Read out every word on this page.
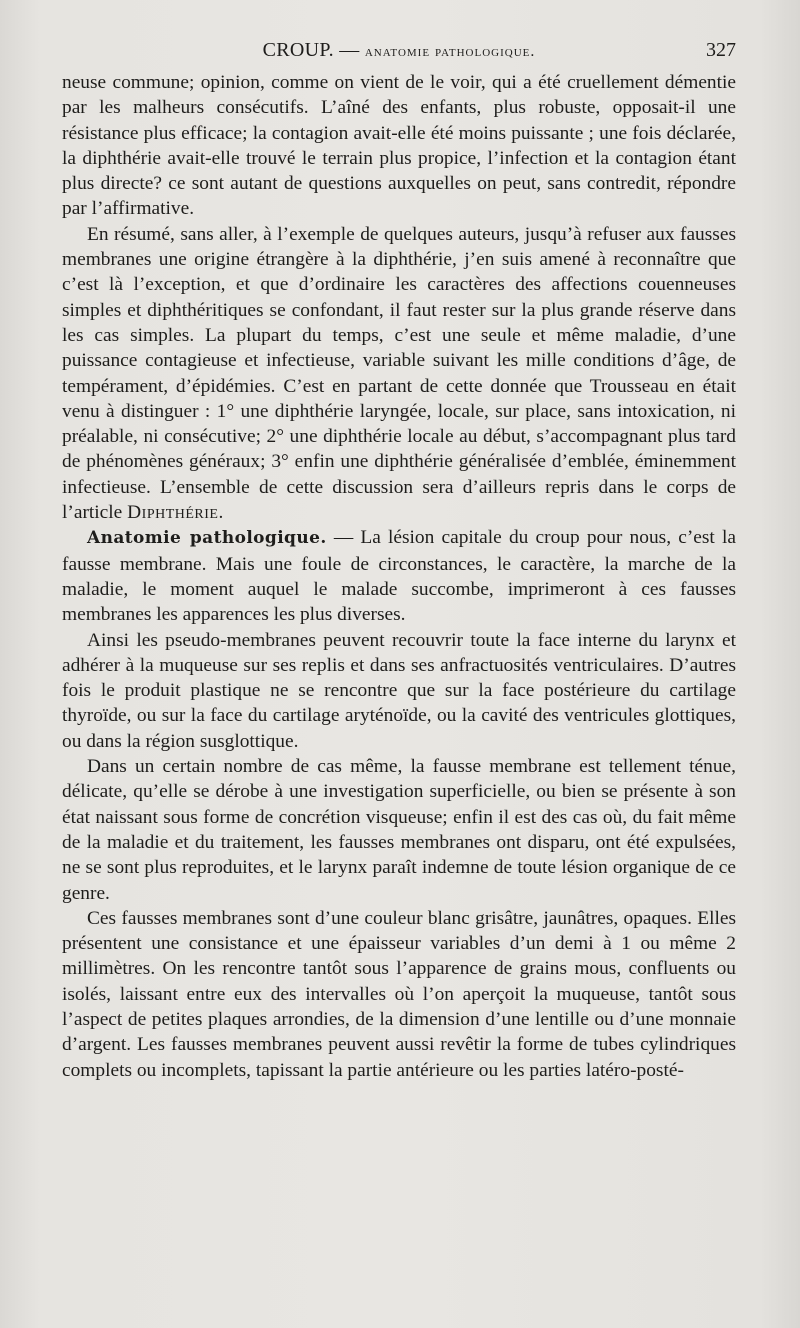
CROUP. — anatomie pathologique.	327

neuse commune; opinion, comme on vient de le voir, qui a été cruellement démentie par les malheurs consécutifs. L’aîné des enfants, plus robuste, opposait-il une résistance plus efficace; la contagion avait-elle été moins puissante ; une fois déclarée, la diphthérie avait-elle trouvé le terrain plus propice, l’infection et la contagion étant plus directe? ce sont autant de questions auxquelles on peut, sans contredit, répondre par l’affirmative.

En résumé, sans aller, à l’exemple de quelques auteurs, jusqu’à refuser aux fausses membranes une origine étrangère à la diphthérie, j’en suis amené à reconnaître que c’est là l’exception, et que d’ordinaire les caractères des affections couenneuses simples et diphthéritiques se confondant, il faut rester sur la plus grande réserve dans les cas simples. La plupart du temps, c’est une seule et même maladie, d’une puissance contagieuse et infectieuse, variable suivant les mille conditions d’âge, de tempérament, d’épidémies. C’est en partant de cette donnée que Trousseau en était venu à distinguer : 1° une diphthérie laryngée, locale, sur place, sans intoxication, ni préalable, ni consécutive; 2° une diphthérie locale au début, s’accompagnant plus tard de phénomènes généraux; 3° enfin une diphthérie généralisée d’emblée, éminemment infectieuse. L’ensemble de cette discussion sera d’ailleurs repris dans le corps de l’article Diphthérie.

Anatomie pathologique. — La lésion capitale du croup pour nous, c’est la fausse membrane. Mais une foule de circonstances, le caractère, la marche de la maladie, le moment auquel le malade succombe, imprimeront à ces fausses membranes les apparences les plus diverses.

Ainsi les pseudo-membranes peuvent recouvrir toute la face interne du larynx et adhérer à la muqueuse sur ses replis et dans ses anfractuosités ventriculaires. D’autres fois le produit plastique ne se rencontre que sur la face postérieure du cartilage thyroïde, ou sur la face du cartilage aryténoïde, ou la cavité des ventricules glottiques, ou dans la région susglottique.

Dans un certain nombre de cas même, la fausse membrane est tellement ténue, délicate, qu’elle se dérobe à une investigation superficielle, ou bien se présente à son état naissant sous forme de concrétion visqueuse; enfin il est des cas où, du fait même de la maladie et du traitement, les fausses membranes ont disparu, ont été expulsées, ne se sont plus reproduites, et le larynx paraît indemne de toute lésion organique de ce genre.

Ces fausses membranes sont d’une couleur blanc grisâtre, jaunâtres, opaques. Elles présentent une consistance et une épaisseur variables d’un demi à 1 ou même 2 millimètres. On les rencontre tantôt sous l’apparence de grains mous, confluents ou isolés, laissant entre eux des intervalles où l’on aperçoit la muqueuse, tantôt sous l’aspect de petites plaques arrondies, de la dimension d’une lentille ou d’une monnaie d’argent. Les fausses membranes peuvent aussi revêtir la forme de tubes cylindriques complets ou incomplets, tapissant la partie antérieure ou les parties latéro-posté-
